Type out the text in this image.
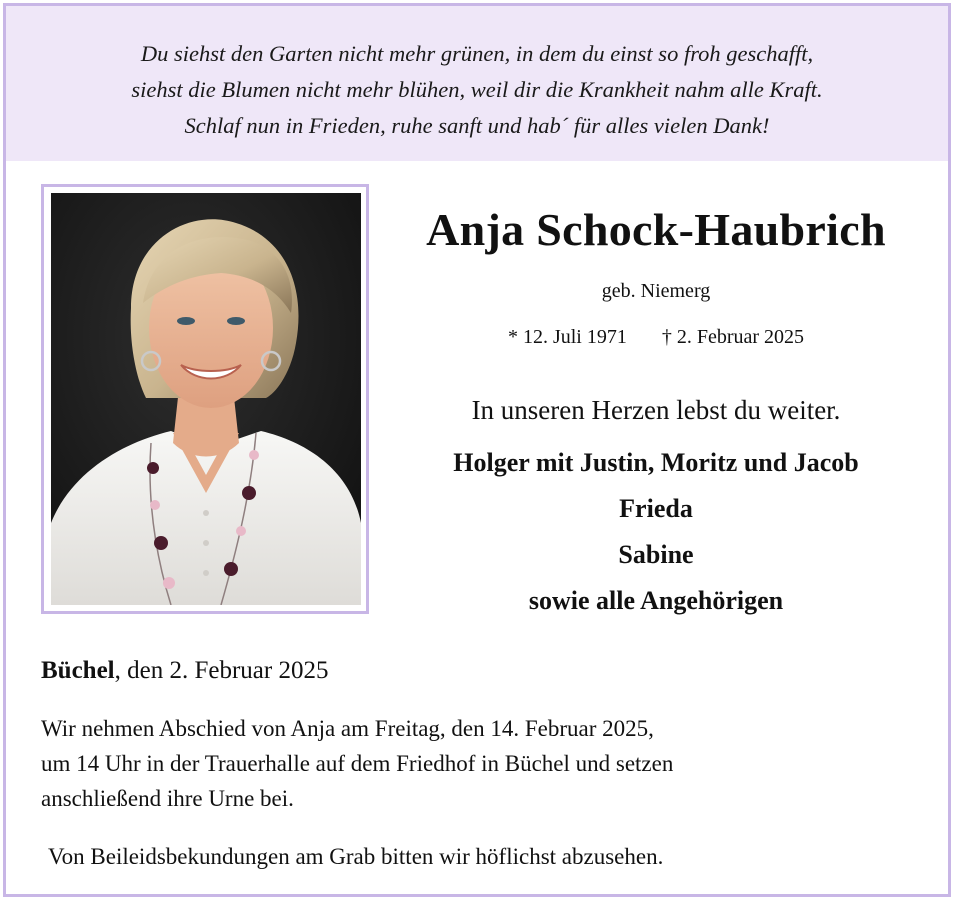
Du siehst den Garten nicht mehr grünen, in dem du einst so froh geschafft,
siehst die Blumen nicht mehr blühen, weil dir die Krankheit nahm alle Kraft.
Schlaf nun in Frieden, ruhe sanft und hab´ für alles vielen Dank!
Anja Schock-Haubrich
geb. Niemerg
* 12. Juli 1971 † 2. Februar 2025
In unseren Herzen lebst du weiter.
Holger mit Justin, Moritz und Jacob
Frieda
Sabine
sowie alle Angehörigen
Büchel, den 2. Februar 2025
Wir nehmen Abschied von Anja am Freitag, den 14. Februar 2025,
um 14 Uhr in der Trauerhalle auf dem Friedhof in Büchel und setzen
anschließend ihre Urne bei.
Von Beileidsbekundungen am Grab bitten wir höflichst abzusehen.
